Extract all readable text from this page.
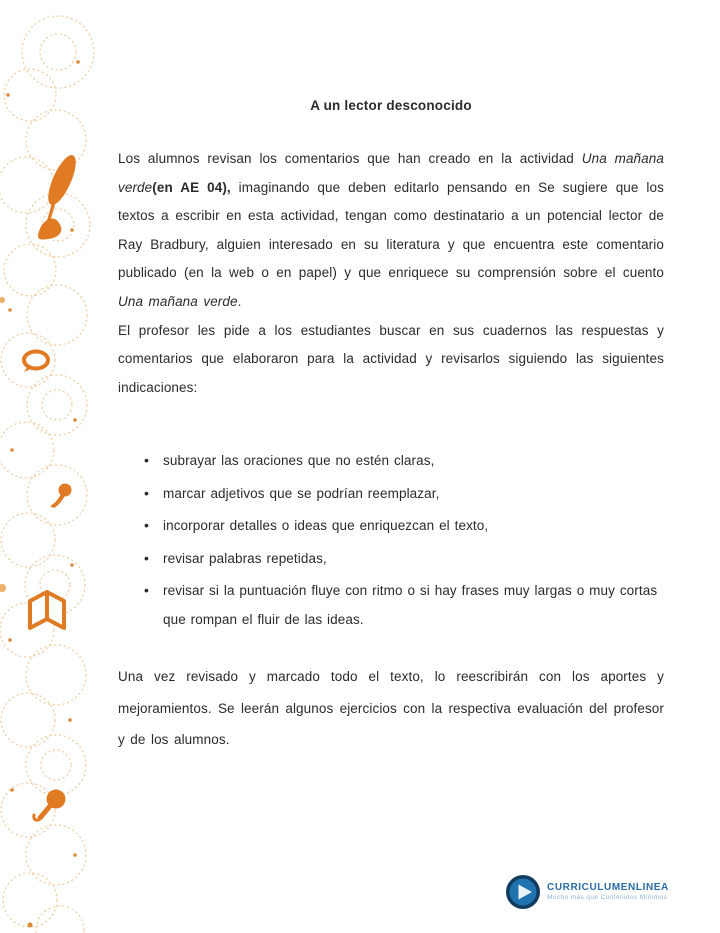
A un lector desconocido

Los alumnos revisan los comentarios que han creado en la actividad Una mañana verde(en AE 04), imaginando que deben editarlo pensando en Se sugiere que los textos a escribir en esta actividad, tengan como destinatario a un potencial lector de Ray Bradbury, alguien interesado en su literatura y que encuentra este comentario publicado (en la web o en papel) y que enriquece su comprensión sobre el cuento Una mañana verde.

El profesor les pide a los estudiantes buscar en sus cuadernos las respuestas y comentarios que elaboraron para la actividad y revisarlos siguiendo las siguientes indicaciones:

• subrayar las oraciones que no estén claras,
• marcar adjetivos que se podrían reemplazar,
• incorporar detalles o ideas que enriquezcan el texto,
• revisar palabras repetidas,
• revisar si la puntuación fluye con ritmo o si hay frases muy largas o muy cortas que rompan el fluir de las ideas.

Una vez revisado y marcado todo el texto, lo reescribirán con los aportes y mejoramientos. Se leerán algunos ejercicios con la respectiva evaluación del profesor y de los alumnos.

CURRICULUMENLINEA
Mucho más que Contenidos Mínimos
